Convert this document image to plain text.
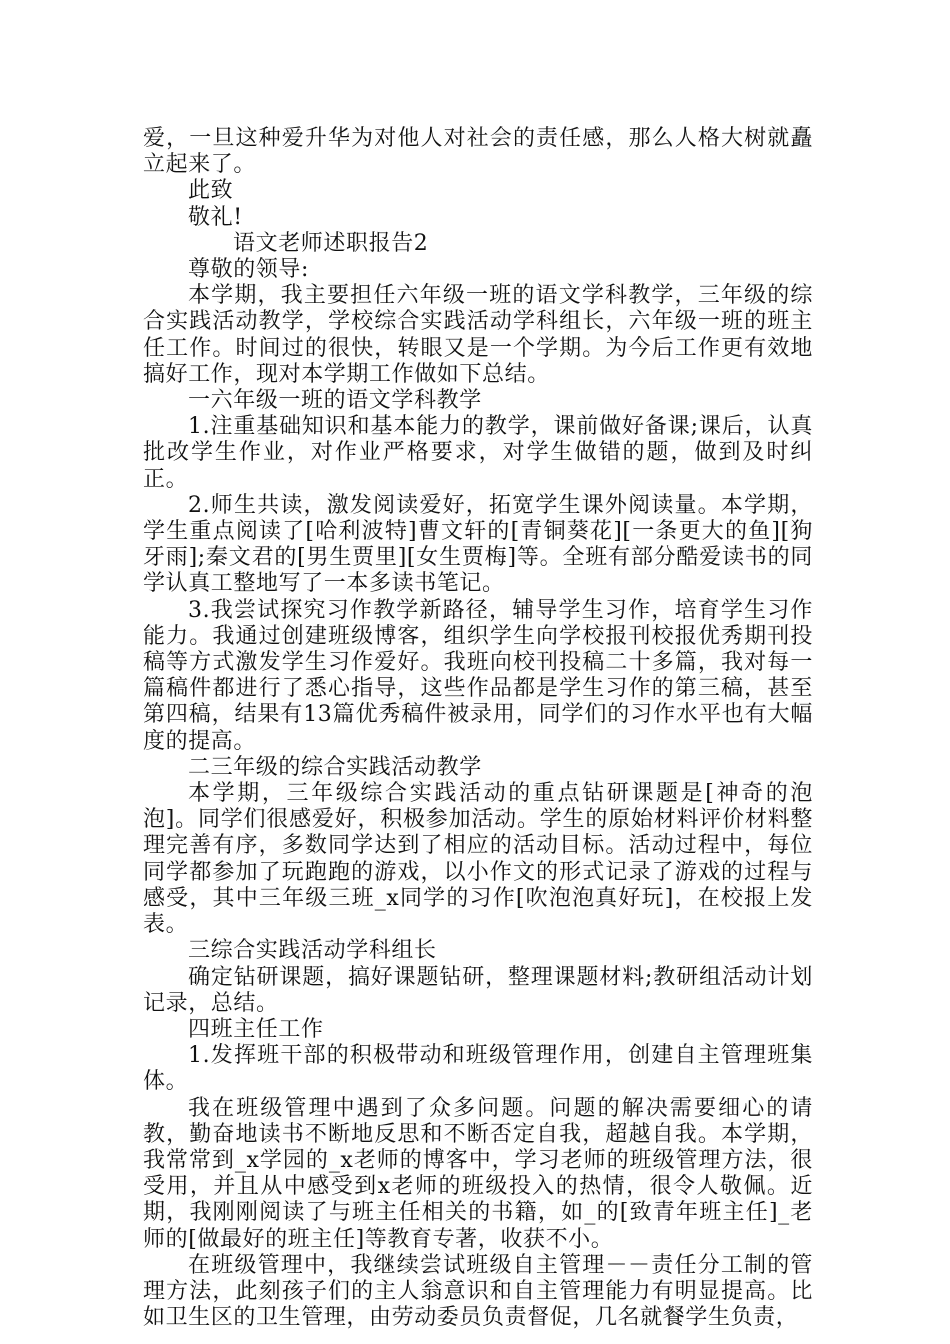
爱，一旦这种爱升华为对他人对社会的责任感，那么人格大树就矗立起来了。

此致

敬礼!

语文老师述职报告2

尊敬的领导:

本学期，我主要担任六年级一班的语文学科教学，三年级的综合实践活动教学，学校综合实践活动学科组长，六年级一班的班主任工作。时间过的很快，转眼又是一个学期。为今后工作更有效地搞好工作，现对本学期工作做如下总结。

一六年级一班的语文学科教学

1.注重基础知识和基本能力的教学，课前做好备课;课后，认真批改学生作业，对作业严格要求，对学生做错的题，做到及时纠正。

2.师生共读，激发阅读爱好，拓宽学生课外阅读量。本学期，学生重点阅读了[哈利波特]曹文轩的[青铜葵花][一条更大的鱼][狗牙雨];秦文君的[男生贾里][女生贾梅]等。全班有部分酷爱读书的同学认真工整地写了一本多读书笔记。

3.我尝试探究习作教学新路径，辅导学生习作，培育学生习作能力。我通过创建班级博客，组织学生向学校报刊校报优秀期刊投稿等方式激发学生习作爱好。我班向校刊投稿二十多篇，我对每一篇稿件都进行了悉心指导，这些作品都是学生习作的第三稿，甚至第四稿，结果有13篇优秀稿件被录用，同学们的习作水平也有大幅度的提高。

二三年级的综合实践活动教学

本学期，三年级综合实践活动的重点钻研课题是[神奇的泡泡]。同学们很感爱好，积极参加活动。学生的原始材料评价材料整理完善有序，多数同学达到了相应的活动目标。活动过程中，每位同学都参加了玩跑跑的游戏，以小作文的形式记录了游戏的过程与感受，其中三年级三班_x同学的习作[吹泡泡真好玩]，在校报上发表。

三综合实践活动学科组长

确定钻研课题，搞好课题钻研，整理课题材料;教研组活动计划记录，总结。

四班主任工作

1.发挥班干部的积极带动和班级管理作用，创建自主管理班集体。

我在班级管理中遇到了众多问题。问题的解决需要细心的请教，勤奋地读书不断地反思和不断否定自我，超越自我。本学期，我常常到_x学园的_x老师的博客中，学习老师的班级管理方法，很受用，并且从中感受到x老师的班级投入的热情，很令人敬佩。近期，我刚刚阅读了与班主任相关的书籍，如_的[致青年班主任]_老师的[做最好的班主任]等教育专著，收获不小。

在班级管理中，我继续尝试班级自主管理－－责任分工制的管理方法，此刻孩子们的主人翁意识和自主管理能力有明显提高。比如卫生区的卫生管理，由劳动委员负责督促，几名就餐学生负责，
